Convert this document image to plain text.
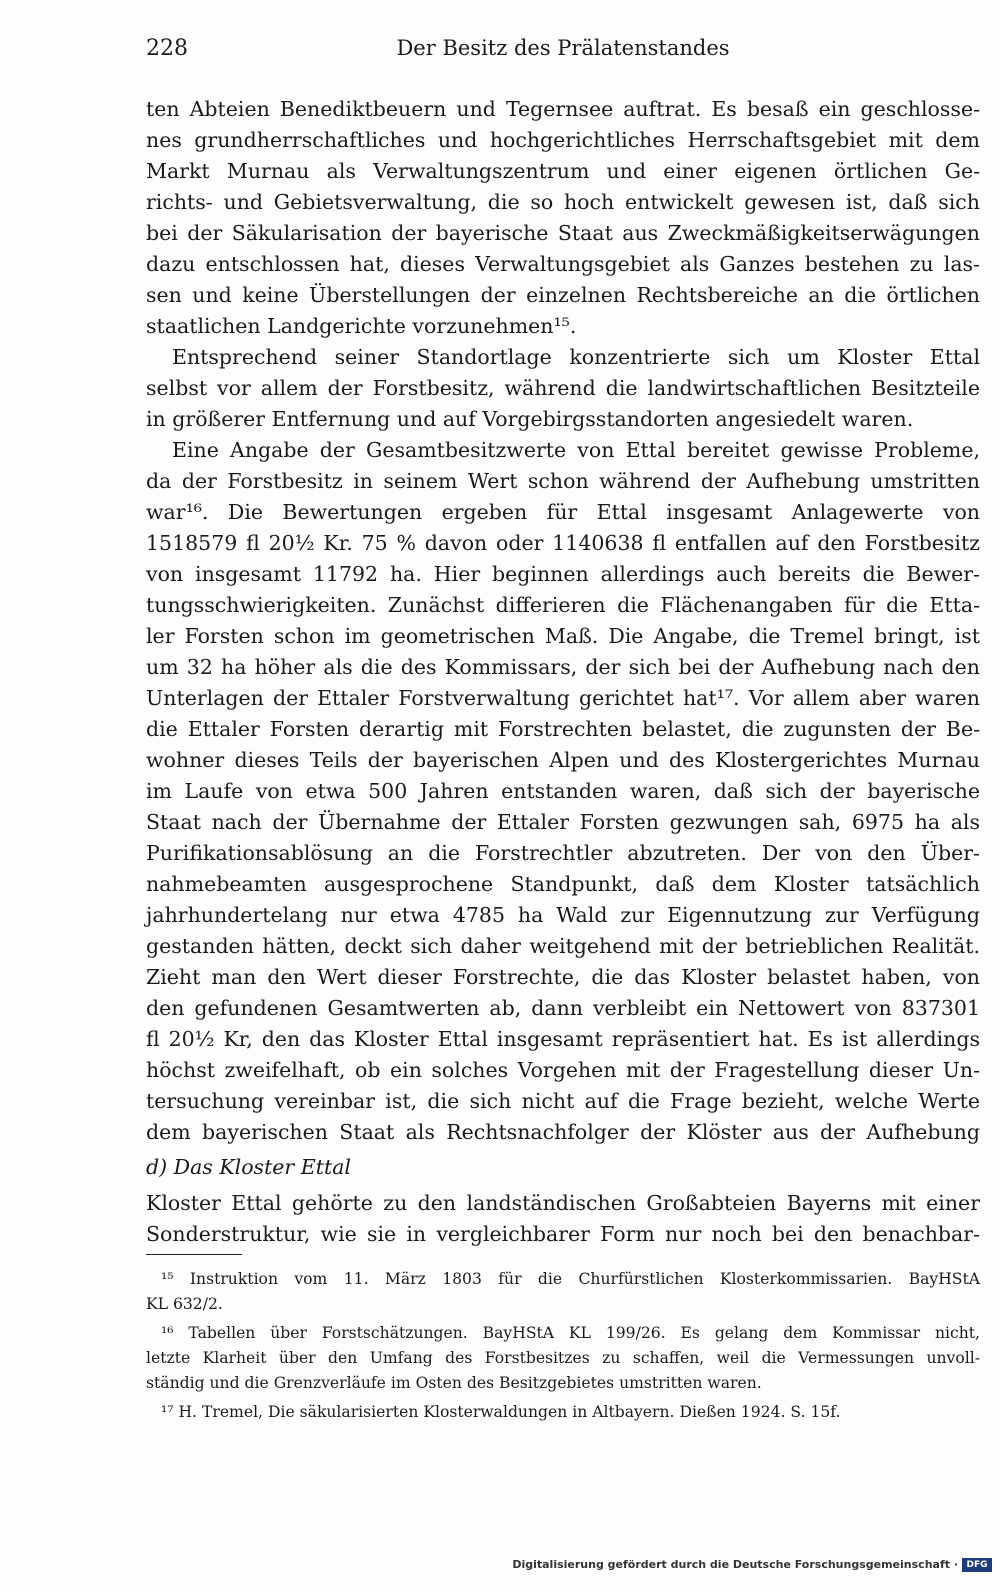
228	Der Besitz des Prälatenstandes
ten Abteien Benediktbeuern und Tegernsee auftrat. Es besaß ein geschlosse-
nes grundherrschaftliches und hochgerichtliches Herrschaftsgebiet mit dem
Markt Murnau als Verwaltungszentrum und einer eigenen örtlichen Ge-
richts- und Gebietsverwaltung, die so hoch entwickelt gewesen ist, daß sich
bei der Säkularisation der bayerische Staat aus Zweckmäßigkeitserwägungen
dazu entschlossen hat, dieses Verwaltungsgebiet als Ganzes bestehen zu las-
sen und keine Überstellungen der einzelnen Rechtsbereiche an die örtlichen
staatlichen Landgerichte vorzunehmen¹⁵.
Entsprechend seiner Standortlage konzentrierte sich um Kloster Ettal
selbst vor allem der Forstbesitz, während die landwirtschaftlichen Besitzteile
in größerer Entfernung und auf Vorgebirgsstandorten angesiedelt waren.
Eine Angabe der Gesamtbesitzwerte von Ettal bereitet gewisse Probleme,
da der Forstbesitz in seinem Wert schon während der Aufhebung umstritten
war¹⁶. Die Bewertungen ergeben für Ettal insgesamt Anlagewerte von
1518579 fl 20½ Kr. 75 % davon oder 1140638 fl entfallen auf den Forstbesitz
von insgesamt 11792 ha. Hier beginnen allerdings auch bereits die Bewer-
tungsschwierigkeiten. Zunächst differieren die Flächenangaben für die Etta-
ler Forsten schon im geometrischen Maß. Die Angabe, die Tremel bringt, ist
um 32 ha höher als die des Kommissars, der sich bei der Aufhebung nach den
Unterlagen der Ettaler Forstverwaltung gerichtet hat¹⁷. Vor allem aber waren
die Ettaler Forsten derartig mit Forstrechten belastet, die zugunsten der Be-
wohner dieses Teils der bayerischen Alpen und des Klostergerichtes Murnau
im Laufe von etwa 500 Jahren entstanden waren, daß sich der bayerische
Staat nach der Übernahme der Ettaler Forsten gezwungen sah, 6975 ha als
Purifikationsablösung an die Forstrechtler abzutreten. Der von den Über-
nahmebeamten ausgesprochene Standpunkt, daß dem Kloster tatsächlich
jahrhundertelang nur etwa 4785 ha Wald zur Eigennutzung zur Verfügung
gestanden hätten, deckt sich daher weitgehend mit der betrieblichen Realität.
Zieht man den Wert dieser Forstrechte, die das Kloster belastet haben, von
den gefundenen Gesamtwerten ab, dann verbleibt ein Nettowert von 837301
fl 20½ Kr, den das Kloster Ettal insgesamt repräsentiert hat. Es ist allerdings
höchst zweifelhaft, ob ein solches Vorgehen mit der Fragestellung dieser Un-
tersuchung vereinbar ist, die sich nicht auf die Frage bezieht, welche Werte
dem bayerischen Staat als Rechtsnachfolger der Klöster aus der Aufhebung
d) Das Kloster Ettal
Kloster Ettal gehörte zu den landständischen Großabteien Bayerns mit einer
Sonderstruktur, wie sie in vergleichbarer Form nur noch bei den benachbar-
¹⁵ Instruktion vom 11. März 1803 für die Churfürstlichen Klosterkommissarien. BayHStA
KL 632/2.
¹⁶ Tabellen über Forstschätzungen. BayHStA KL 199/26. Es gelang dem Kommissar nicht,
letzte Klarheit über den Umfang des Forstbesitzes zu schaffen, weil die Vermessungen unvoll-
ständig und die Grenzverläufe im Osten des Besitzgebietes umstritten waren.
¹⁷ H. Tremel, Die säkularisierten Klosterwaldungen in Altbayern. Dießen 1924. S. 15f.
Digitalisierung gefördert durch die Deutsche Forschungsgemeinschaft · DFG
